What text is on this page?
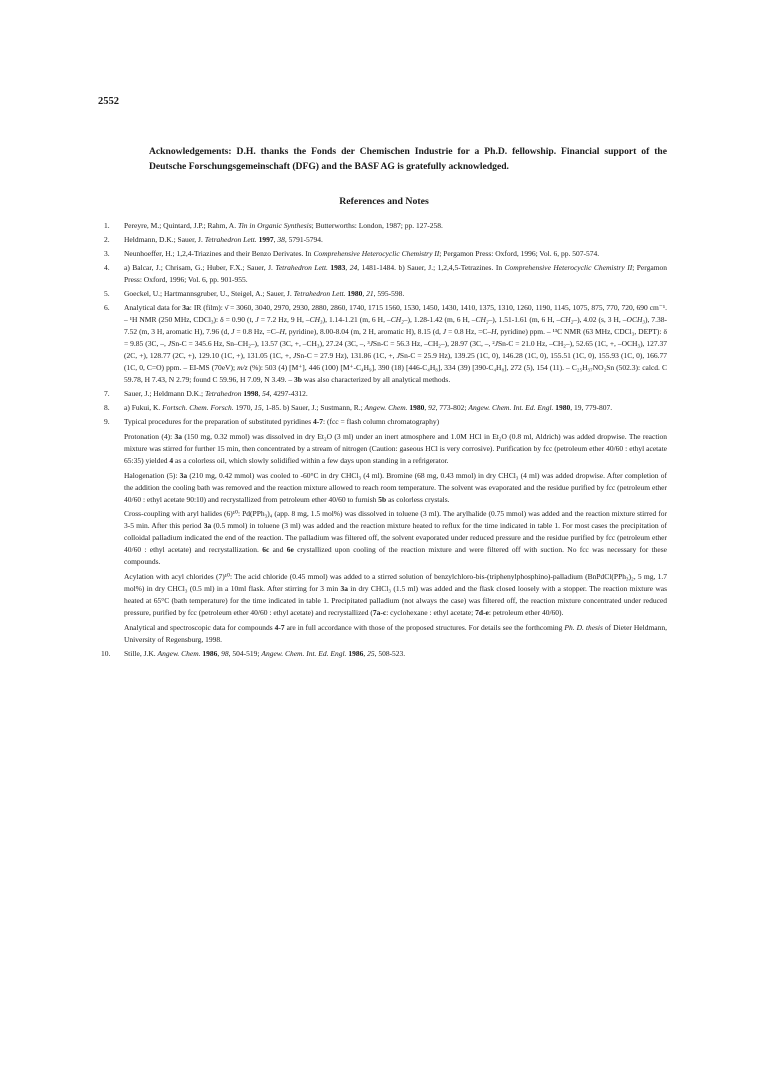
2552
Acknowledgements: D.H. thanks the Fonds der Chemischen Industrie for a Ph.D. fellowship. Financial support of the Deutsche Forschungsgemeinschaft (DFG) and the BASF AG is gratefully acknowledged.
References and Notes
1.	Pereyre, M.; Quintard, J.P.; Rahm, A. Tin in Organic Synthesis; Butterworths: London, 1987; pp. 127-258.
2.	Heldmann, D.K.; Sauer, J. Tetrahedron Lett. 1997, 38, 5791-5794.
3.	Neunhoeffer, H.; 1,2,4-Triazines and their Benzo Derivates. In Comprehensive Heterocyclic Chemistry II; Pergamon Press: Oxford, 1996; Vol. 6, pp. 507-574.
4.	a) Balcar, J.; Chrisam, G.; Huber, F.X.; Sauer, J. Tetrahedron Lett. 1983, 24, 1481-1484. b) Sauer, J.; 1,2,4,5-Tetrazines. In Comprehensive Heterocyclic Chemistry II; Pergamon Press: Oxford, 1996; Vol. 6, pp. 901-955.
5.	Goeckel, U.; Hartmannsgruber, U., Steigel, A.; Sauer, J. Tetrahedron Lett. 1980, 21, 595-598.
6.	Analytical data for 3a: IR (film): ν̄ = 3060, 3040, 2970, 2930, 2880, 2860, 1740, 1715 1560, 1530, 1450, 1430, 1410, 1375, 1310, 1260, 1190, 1145, 1075, 875, 770, 720, 690 cm⁻¹. – ¹H NMR (250 MHz, CDCl₃): δ = 0.90 (t, J = 7.2 Hz, 9 H, –CH₃), 1.14-1.21 (m, 6 H, –CH₂–), 1.28-1.42 (m, 6 H, –CH₂–), 1.51-1.61 (m, 6 H, –CH₂–), 4.02 (s, 3 H, –OCH₃), 7.38-7.52 (m, 3 H, aromatic H), 7.96 (d, J = 0.8 Hz, =C–H, pyridine), 8.00-8.04 (m, 2 H, aromatic H), 8.15 (d, J = 0.8 Hz, =C–H, pyridine) ppm. – ¹³C NMR (63 MHz, CDCl₃, DEPT): δ = 9.85 (3C, –, JSn-C = 345.6 Hz, Sn–CH₂–), 13.57 (3C, +, –CH₃), 27.24 (3C, –, ³JSn-C = 56.3 Hz, –CH₂–), 28.97 (3C, –, ²JSn-C = 21.0 Hz, –CH₂–), 52.65 (1C, +, –OCH₃), 127.37 (2C, +), 128.77 (2C, +), 129.10 (1C, +), 131.05 (1C, +, JSn-C = 27.9 Hz), 131.86 (1C, +, JSn-C = 25.9 Hz), 139.25 (1C, 0), 146.28 (1C, 0), 155.51 (1C, 0), 155.93 (1C, 0), 166.77 (1C, 0, C=O) ppm. – EI-MS (70eV); m/z (%): 503 (4) [M⁺], 446 (100) [M⁺-C₄H₉], 390 (18) [446-C₄H₈], 334 (39) [390-C₄H₈], 272 (5), 154 (11). – C₂₅H₃₇NO₂Sn (502.3): calcd. C 59.78, H 7.43, N 2.79; found C 59.96, H 7.09, N 3.49. – 3b was also characterized by all analytical methods.
7.	Sauer, J.; Heldmann D.K.; Tetrahedron 1998, 54, 4297-4312.
8.	a) Fukui, K. Fortsch. Chem. Forsch. 1970, 15, 1-85. b) Sauer, J.; Sustmann, R.; Angew. Chem. 1980, 92, 773-802; Angew. Chem. Int. Ed. Engl. 1980, 19, 779-807.
9.	Typical procedures for the preparation of substituted pyridines 4-7: (fcc = flash column chromatography)
Protonation (4): 3a (150 mg, 0.32 mmol) was dissolved in dry Et₂O (3 ml) under an inert atmosphere and 1.0M HCl in Et₂O (0.8 ml, Aldrich) was added dropwise. The reaction mixture was stirred for further 15 min, then concentrated by a stream of nitrogen (Caution: gaseous HCl is very corrosive). Purification by fcc (petroleum ether 40/60 : ethyl acetate 65:35) yielded 4 as a colorless oil, which slowly solidified within a few days upon standing in a refrigerator.
Halogenation (5): 3a (210 mg, 0.42 mmol) was cooled to -60°C in dry CHCl₃ (4 ml). Bromine (68 mg, 0.43 mmol) in dry CHCl₃ (4 ml) was added dropwise. After completion of the addition the cooling bath was removed and the reaction mixture allowed to reach room temperature. The solvent was evaporated and the residue purified by fcc (petroleum ether 40/60 : ethyl acetate 90:10) and recrystallized from petroleum ether 40/60 to furnish 5b as colorless crystals.
Cross-coupling with aryl halides (6)¹⁰: Pd(PPh₃)₄ (app. 8 mg, 1.5 mol%) was dissolved in toluene (3 ml). The arylhalide (0.75 mmol) was added and the reaction mixture stirred for 3-5 min. After this period 3a (0.5 mmol) in toluene (3 ml) was added and the reaction mixture heated to reflux for the time indicated in table 1. For most cases the precipitation of colloidal palladium indicated the end of the reaction. The palladium was filtered off, the solvent evaporated under reduced pressure and the residue purified by fcc (petroleum ether 40/60 : ethyl acetate) and recrystallization. 6c and 6e crystallized upon cooling of the reaction mixture and were filtered off with suction. No fcc was necessary for these compounds.
Acylation with acyl chlorides (7)¹⁰: The acid chloride (0.45 mmol) was added to a stirred solution of benzylchloro-bis-(triphenylphosphino)-palladium (BnPdCl(PPh₃)₂, 5 mg, 1.7 mol%) in dry CHCl₃ (0.5 ml) in a 10ml flask. After stirring for 3 min 3a in dry CHCl₃ (1.5 ml) was added and the flask closed loosely with a stopper. The reaction mixture was heated at 65°C (bath temperature) for the time indicated in table 1. Precipitated palladium (not always the case) was filtered off, the reaction mixture concentrated under reduced pressure, purified by fcc (petroleum ether 40/60 : ethyl acetate) and recrystallized (7a-c: cyclohexane : ethyl acetate; 7d-e: petroleum ether 40/60).
Analytical and spectroscopic data for compounds 4-7 are in full accordance with those of the proposed structures. For details see the forthcoming Ph. D. thesis of Dieter Heldmann, University of Regensburg, 1998.
10.	Stille, J.K. Angew. Chem. 1986, 98, 504-519; Angew. Chem. Int. Ed. Engl. 1986, 25, 508-523.
